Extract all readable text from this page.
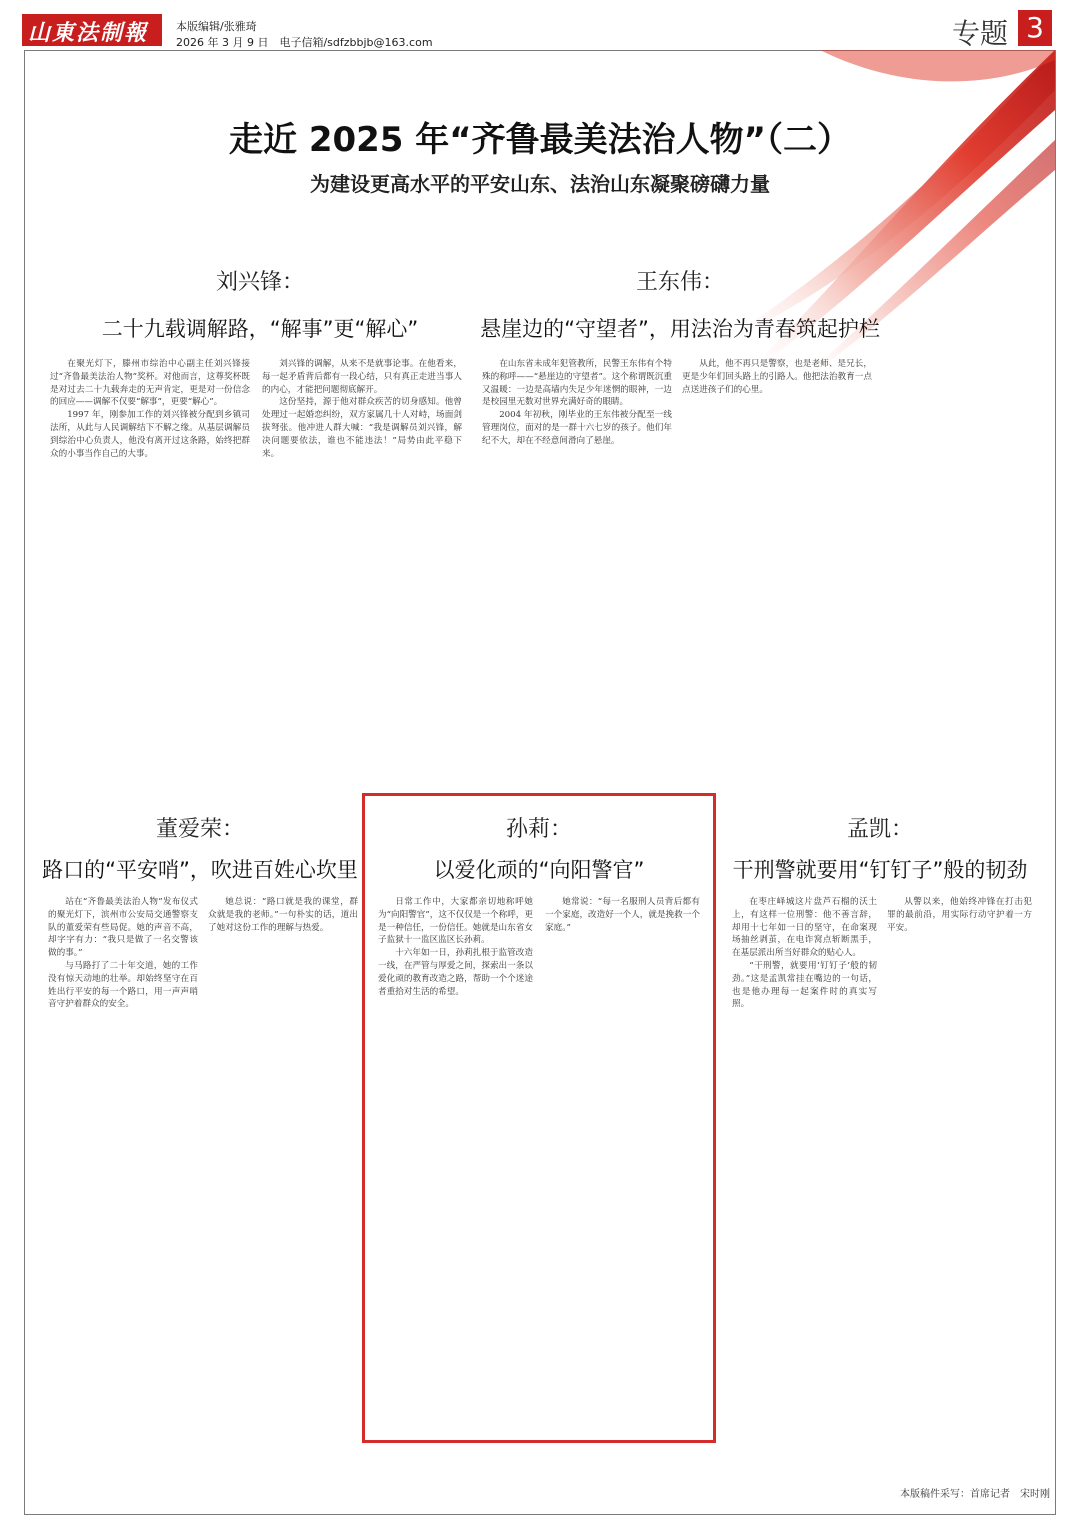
山東法制報	本版编辑/张雅琦
2026 年 3 月 9 日　电子信箱/sdfzbbjb@163.com	专题 3
走近 2025 年“齐鲁最美法治人物”（二）
为建设更高水平的平安山东、法治山东凝聚磅礴力量
刘兴锋：
二十九载调解路，“解事”更“解心”

在聚光灯下，滕州市综治中心副主任刘兴锋接过“齐鲁最美法治人物”奖杯。对他而言，这尊奖杯既是对过去二十九载奔走的无声肯定，更是对一份信念的回应——调解不仅要“解事”，更要“解心”。

1997 年，刚参加工作的刘兴锋被分配到乡镇司法所，从此与人民调解结下不解之缘。从基层调解员到综治中心负责人，他没有离开过这条路，始终把群众的小事当作自己的大事。

刘兴锋的调解，从来不是就事论事。在他看来，每一起矛盾背后都有一段心结，只有真正走进当事人的内心，才能把问题彻底解开。

这份坚持，源于他对群众疾苦的切身感知。他曾处理过一起婚恋纠纷，双方家属几十人对峙，场面剑拔弩张。他冲进人群大喊：“我是调解员刘兴锋，解决问题要依法，谁也不能违法！”局势由此平稳下来。

王东伟：
悬崖边的“守望者”，用法治为青春筑起护栏

在山东省未成年犯管教所，民警王东伟有个特殊的称呼——“悬崖边的守望者”。这个称谓既沉重又温暖：一边是高墙内失足少年迷惘的眼神，一边是校园里无数对世界充满好奇的眼睛。

2004 年初秋，刚毕业的王东伟被分配至一线管理岗位，面对的是一群十六七岁的孩子。他们年纪不大，却在不经意间滑向了悬崖。

从此，他不再只是警察，也是老师、是兄长，更是少年们回头路上的引路人。他把法治教育一点点送进孩子们的心里。

董爱荣：
路口的“平安哨”，吹进百姓心坎里

站在“齐鲁最美法治人物”发布仪式的聚光灯下，滨州市公安局交通警察支队的董爱荣有些局促。她的声音不高，却字字有力：“我只是做了一名交警该做的事。”

与马路打了二十年交道，她的工作没有惊天动地的壮举。却始终坚守在百姓出行平安的每一个路口，用一声声哨音守护着群众的安全。

她总说：“路口就是我的课堂，群众就是我的老师。”一句朴实的话，道出了她对这份工作的理解与热爱。

孙莉：
以爱化顽的“向阳警官”

日常工作中，大家都亲切地称呼她为“向阳警官”，这不仅仅是一个称呼，更是一种信任，一份信任。她就是山东省女子监狱十一监区监区长孙莉。

十六年如一日，孙莉扎根于监管改造一线，在严管与厚爱之间，探索出一条以爱化顽的教育改造之路，帮助一个个迷途者重拾对生活的希望。

她常说：“每一名服刑人员背后都有一个家庭，改造好一个人，就是挽救一个家庭。”

孟凯：
干刑警就要用“钉钉子”般的韧劲

在枣庄峄城这片盘芦石榴的沃土上，有这样一位刑警：他不善言辞，却用十七年如一日的坚守，在命案现场抽丝剥茧，在电诈窝点斩断黑手，在基层派出所当好群众的贴心人。

“干刑警，就要用‘钉钉子’般的韧劲。”这是孟凯常挂在嘴边的一句话，也是他办理每一起案件时的真实写照。

从警以来，他始终冲锋在打击犯罪的最前沿，用实际行动守护着一方平安。

本版稿件采写：首席记者　宋时刚
